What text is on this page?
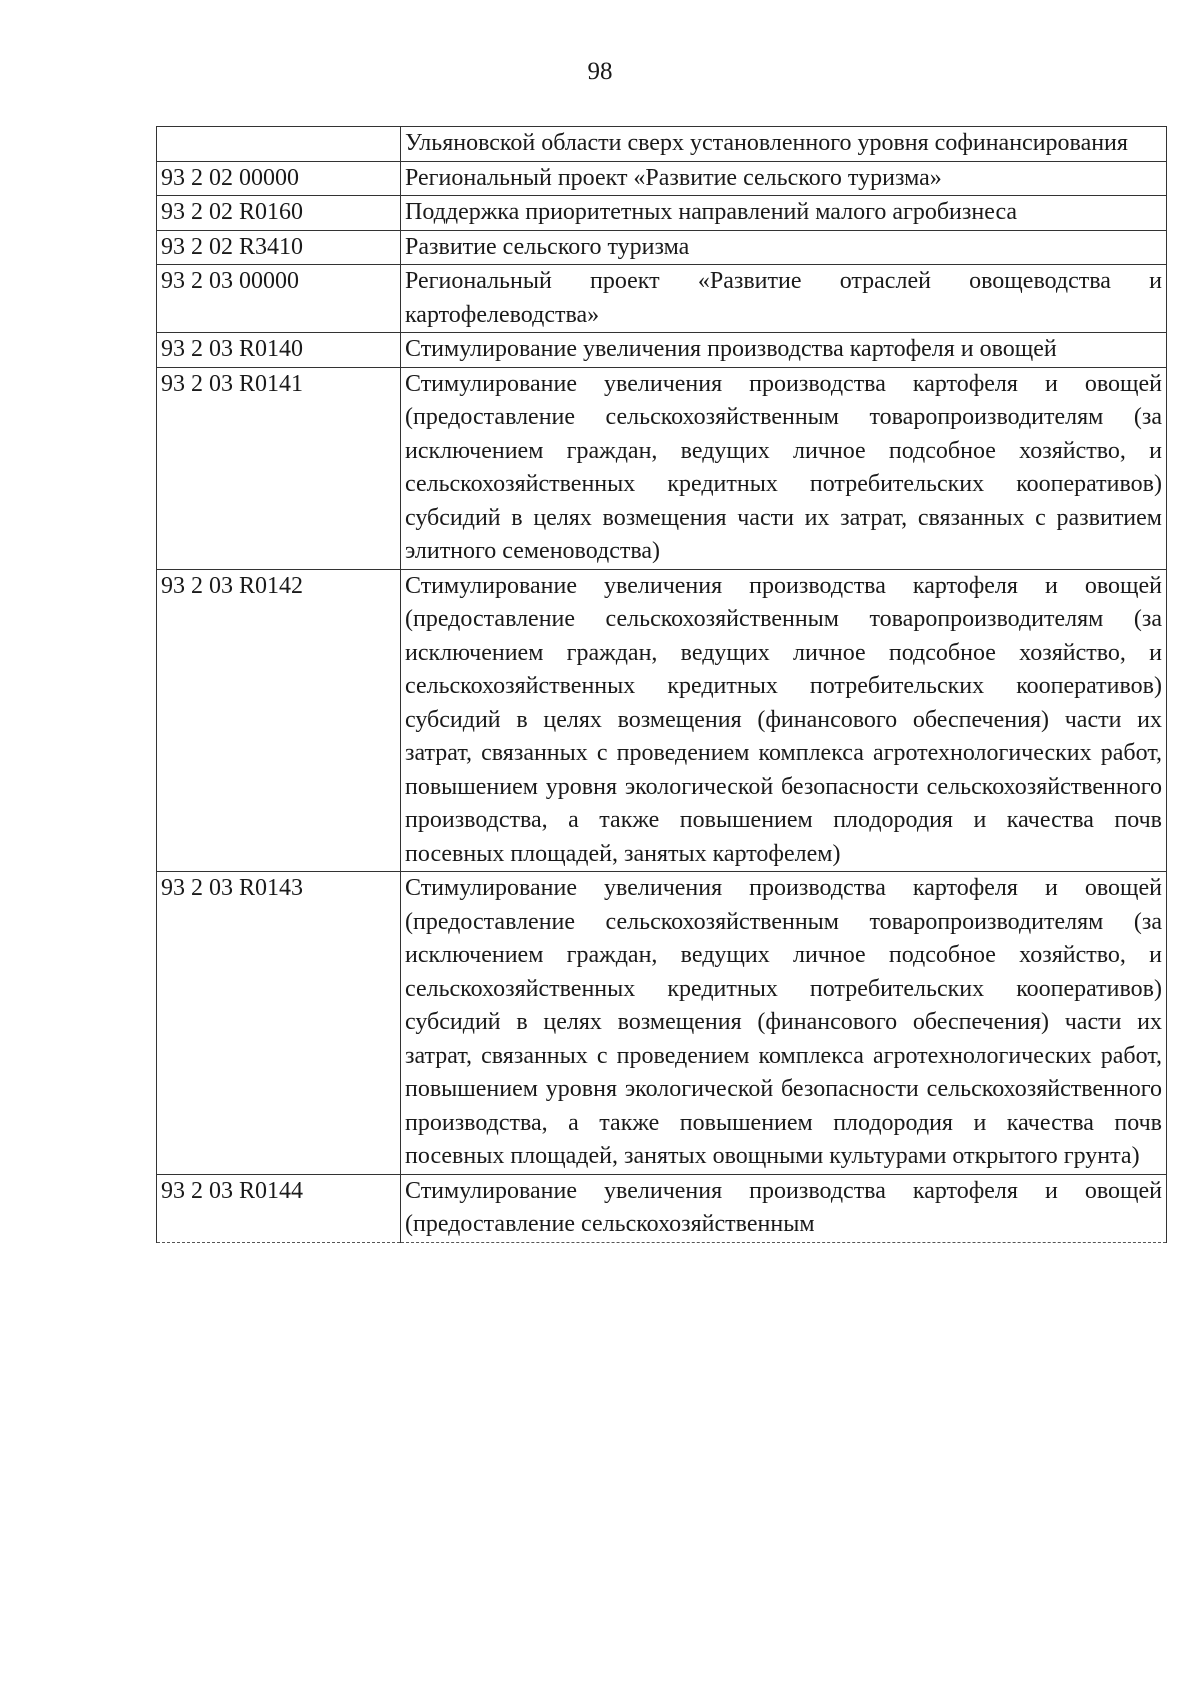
98
	Ульяновской области сверх установленного уровня софинансирования
93 2 02 00000	Региональный проект «Развитие сельского туризма»
93 2 02 R0160	Поддержка приоритетных направлений малого агробизнеса
93 2 02 R3410	Развитие сельского туризма
93 2 03 00000	Региональный проект «Развитие отраслей овощеводства и картофелеводства»
93 2 03 R0140	Стимулирование увеличения производства картофеля и овощей
93 2 03 R0141	Стимулирование увеличения производства картофеля и овощей (предоставление сельскохозяйственным товаропроизводителям (за исключением граждан, ведущих личное подсобное хозяйство, и сельскохозяйственных кредитных потребительских кооперативов) субсидий в целях возмещения части их затрат, связанных с развитием элитного семеноводства)
93 2 03 R0142	Стимулирование увеличения производства картофеля и овощей (предоставление сельскохозяйственным товаропроизводителям (за исключением граждан, ведущих личное подсобное хозяйство, и сельскохозяйственных кредитных потребительских кооперативов) субсидий в целях возмещения (финансового обеспечения) части их затрат, связанных с проведением комплекса агротехнологических работ, повышением уровня экологической безопасности сельскохозяйственного производства, а также повышением плодородия и качества почв посевных площадей, занятых картофелем)
93 2 03 R0143	Стимулирование увеличения производства картофеля и овощей (предоставление сельскохозяйственным товаропроизводителям (за исключением граждан, ведущих личное подсобное хозяйство, и сельскохозяйственных кредитных потребительских кооперативов) субсидий в целях возмещения (финансового обеспечения) части их затрат, связанных с проведением комплекса агротехнологических работ, повышением уровня экологической безопасности сельскохозяйственного производства, а также повышением плодородия и качества почв посевных площадей, занятых овощными культурами открытого грунта)
93 2 03 R0144	Стимулирование увеличения производства картофеля и овощей (предоставление сельскохозяйственным
